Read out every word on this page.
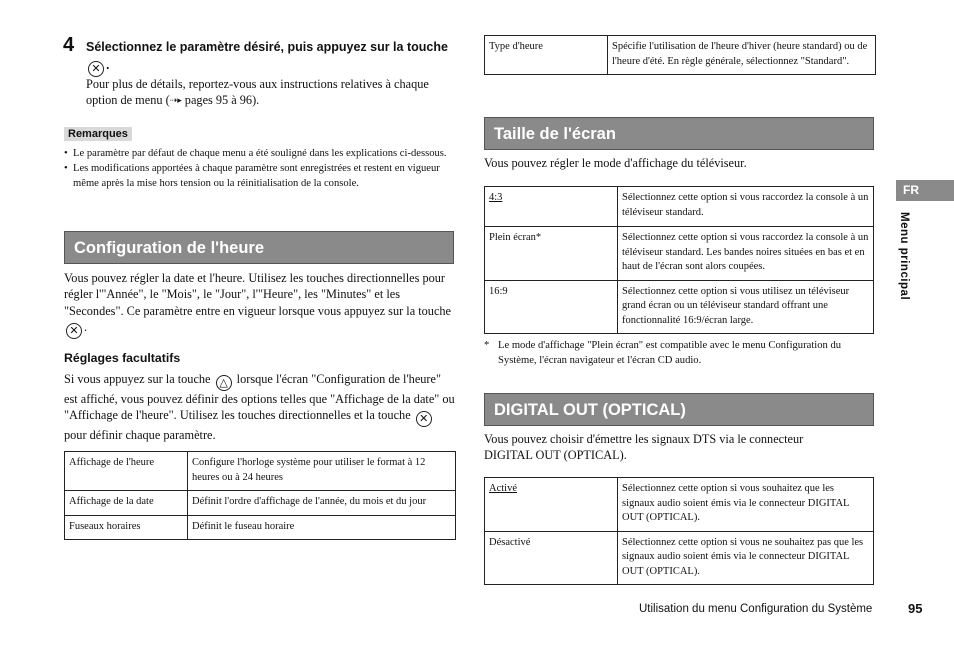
4 Sélectionnez le paramètre désiré, puis appuyez sur la touche ✕ .
Pour plus de détails, reportez-vous aux instructions relatives à chaque option de menu (⇢▸ pages 95 à 96).
Remarques
• Le paramètre par défaut de chaque menu a été souligné dans les explications ci-dessous.
• Les modifications apportées à chaque paramètre sont enregistrées et restent en vigueur même après la mise hors tension ou la réinitialisation de la console.
Configuration de l'heure
Vous pouvez régler la date et l'heure. Utilisez les touches directionnelles pour régler l'"Année", le "Mois", le "Jour", l'"Heure", les "Minutes" et les "Secondes". Ce paramètre entre en vigueur lorsque vous appuyez sur la touche ✕ .
Réglages facultatifs
Si vous appuyez sur la touche △ lorsque l'écran "Configuration de l'heure" est affiché, vous pouvez définir des options telles que "Affichage de la date" ou "Affichage de l'heure". Utilisez les touches directionnelles et la touche ✕ pour définir chaque paramètre.
Affichage de l'heure	Configure l'horloge système pour utiliser le format à 12 heures ou à 24 heures
Affichage de la date	Définit l'ordre d'affichage de l'année, du mois et du jour
Fuseaux horaires	Définit le fuseau horaire
Type d'heure	Spécifie l'utilisation de l'heure d'hiver (heure standard) ou de l'heure d'été. En règle générale, sélectionnez "Standard".
Taille de l'écran
Vous pouvez régler le mode d'affichage du téléviseur.
4:3	Sélectionnez cette option si vous raccordez la console à un téléviseur standard.
Plein écran*	Sélectionnez cette option si vous raccordez la console à un téléviseur standard. Les bandes noires situées en bas et en haut de l'écran sont alors coupées.
16:9	Sélectionnez cette option si vous utilisez un téléviseur grand écran ou un téléviseur standard offrant une fonctionnalité 16:9/écran large.
* Le mode d'affichage "Plein écran" est compatible avec le menu Configuration du Système, l'écran navigateur et l'écran CD audio.
DIGITAL OUT (OPTICAL)
Vous pouvez choisir d'émettre les signaux DTS via le connecteur DIGITAL OUT (OPTICAL).
Activé	Sélectionnez cette option si vous souhaitez que les signaux audio soient émis via le connecteur DIGITAL OUT (OPTICAL).
Désactivé	Sélectionnez cette option si vous ne souhaitez pas que les signaux audio soient émis via le connecteur DIGITAL OUT (OPTICAL).
FR
Menu principal
Utilisation du menu Configuration du Système	95
